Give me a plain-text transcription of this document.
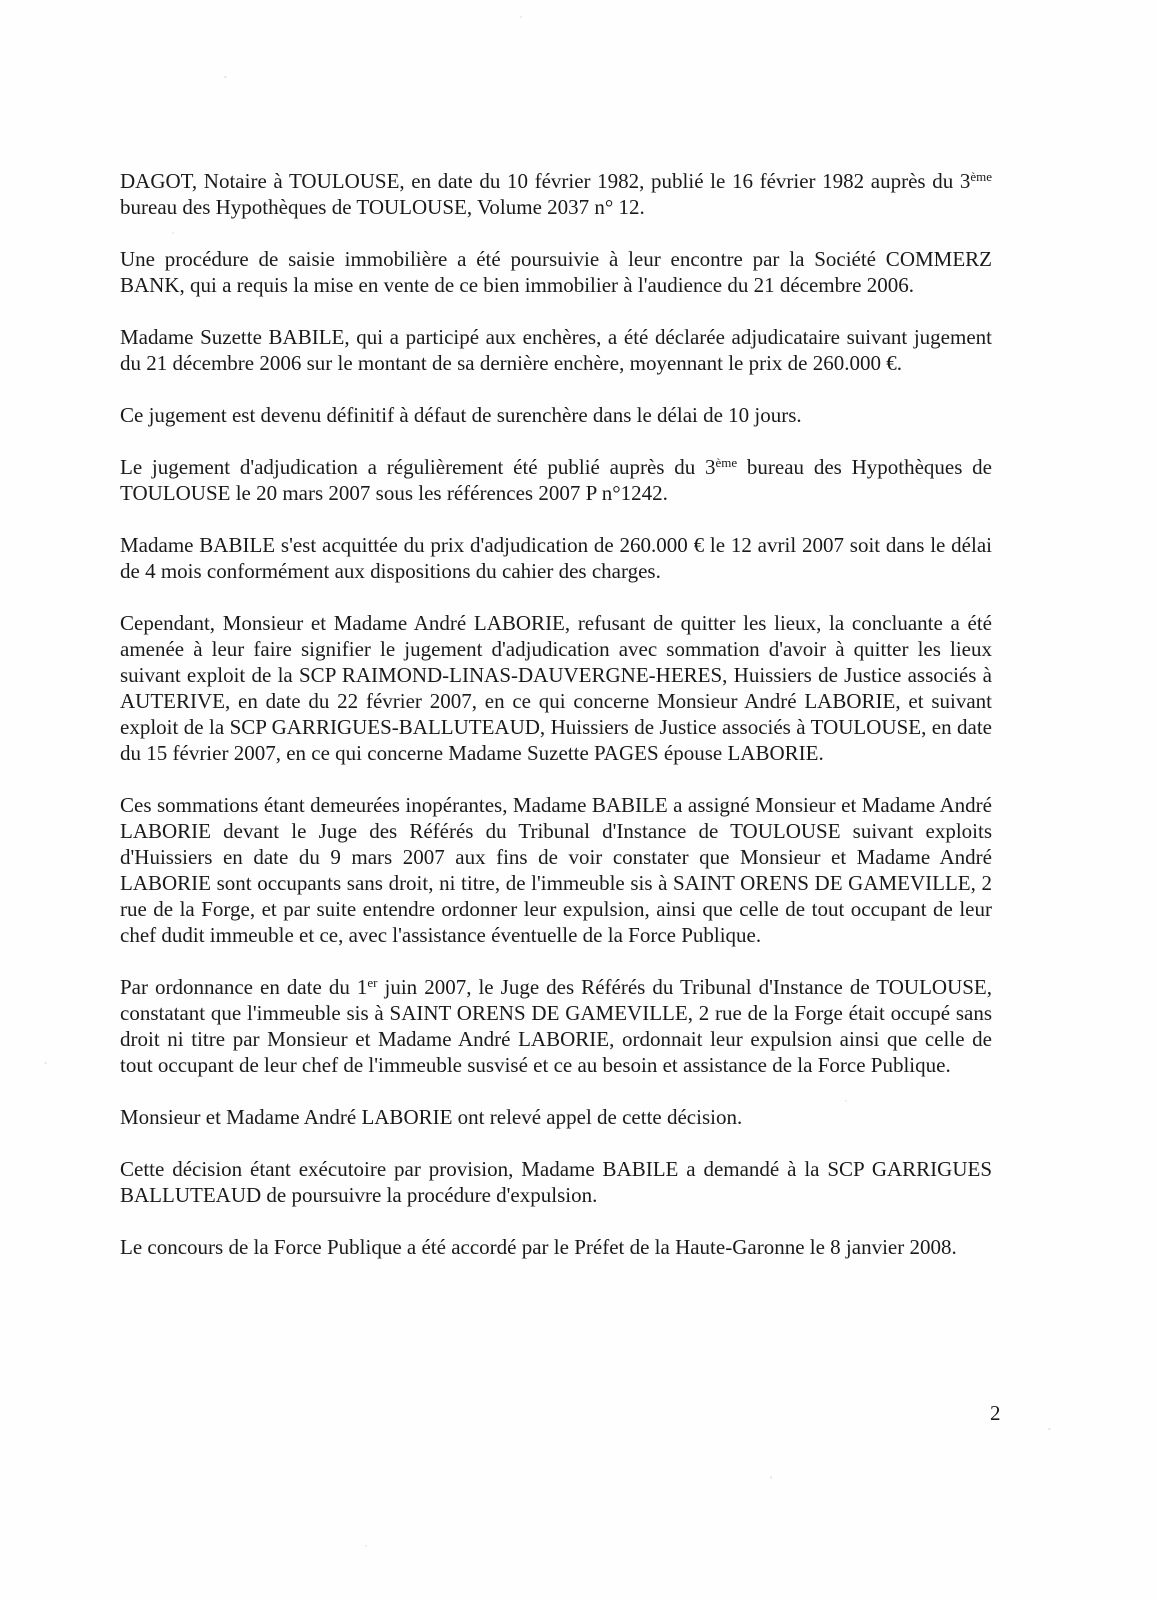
DAGOT, Notaire à TOULOUSE, en date du 10 février 1982, publié le 16 février 1982 auprès du 3ème bureau des Hypothèques de TOULOUSE, Volume 2037 n° 12.

Une procédure de saisie immobilière a été poursuivie à leur encontre par la Société COMMERZ BANK, qui a requis la mise en vente de ce bien immobilier à l'audience du 21 décembre 2006.

Madame Suzette BABILE, qui a participé aux enchères, a été déclarée adjudicataire suivant jugement du 21 décembre 2006 sur le montant de sa dernière enchère, moyennant le prix de 260.000 €.

Ce jugement est devenu définitif à défaut de surenchère dans le délai de 10 jours.

Le jugement d'adjudication a régulièrement été publié auprès du 3ème bureau des Hypothèques de TOULOUSE le 20 mars 2007 sous les références 2007 P n°1242.

Madame BABILE s'est acquittée du prix d'adjudication de 260.000 € le 12 avril 2007 soit dans le délai de 4 mois conformément aux dispositions du cahier des charges.

Cependant, Monsieur et Madame André LABORIE, refusant de quitter les lieux, la concluante a été amenée à leur faire signifier le jugement d'adjudication avec sommation d'avoir à quitter les lieux suivant exploit de la SCP RAIMOND-LINAS-DAUVERGNE-HERES, Huissiers de Justice associés à AUTERIVE, en date du 22 février 2007, en ce qui concerne Monsieur André LABORIE, et suivant exploit de la SCP GARRIGUES-BALLUTEAUD, Huissiers de Justice associés à TOULOUSE, en date du 15 février 2007, en ce qui concerne Madame Suzette PAGES épouse LABORIE.

Ces sommations étant demeurées inopérantes, Madame BABILE a assigné Monsieur et Madame André LABORIE devant le Juge des Référés du Tribunal d'Instance de TOULOUSE suivant exploits d'Huissiers en date du 9 mars 2007 aux fins de voir constater que Monsieur et Madame André LABORIE sont occupants sans droit, ni titre, de l'immeuble sis à SAINT ORENS DE GAMEVILLE, 2 rue de la Forge, et par suite entendre ordonner leur expulsion, ainsi que celle de tout occupant de leur chef dudit immeuble et ce, avec l'assistance éventuelle de la Force Publique.

Par ordonnance en date du 1er juin 2007, le Juge des Référés du Tribunal d'Instance de TOULOUSE, constatant que l'immeuble sis à SAINT ORENS DE GAMEVILLE, 2 rue de la Forge était occupé sans droit ni titre par Monsieur et Madame André LABORIE, ordonnait leur expulsion ainsi que celle de tout occupant de leur chef de l'immeuble susvisé et ce au besoin et assistance de la Force Publique.

Monsieur et Madame André LABORIE ont relevé appel de cette décision.

Cette décision étant exécutoire par provision, Madame BABILE a demandé à la SCP GARRIGUES BALLUTEAUD de poursuivre la procédure d'expulsion.

Le concours de la Force Publique a été accordé par le Préfet de la Haute-Garonne le 8 janvier 2008.

2
